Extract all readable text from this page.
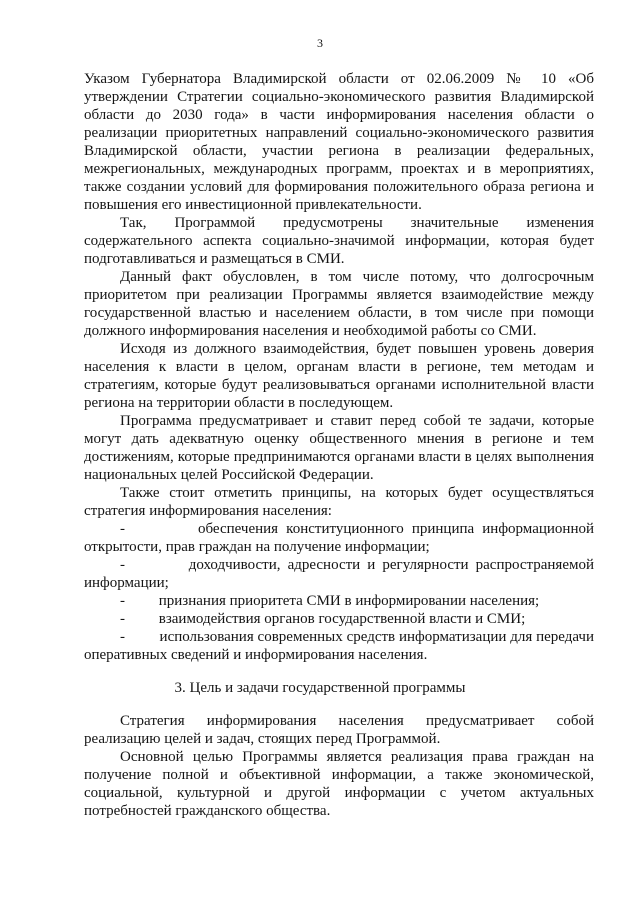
3

Указом Губернатора Владимирской области от 02.06.2009 № 10 «Об утверждении Стратегии социально-экономического развития Владимирской области до 2030 года» в части информирования населения области о реализации приоритетных направлений социально-экономического развития Владимирской области, участии региона в реализации федеральных, межрегиональных, международных программ, проектах и в мероприятиях, также создании условий для формирования положительного образа региона и повышения его инвестиционной привлекательности.

Так, Программой предусмотрены значительные изменения содержательного аспекта социально-значимой информации, которая будет подготавливаться и размещаться в СМИ.

Данный факт обусловлен, в том числе потому, что долгосрочным приоритетом при реализации Программы является взаимодействие между государственной властью и населением области, в том числе при помощи должного информирования населения и необходимой работы со СМИ.

Исходя из должного взаимодействия, будет повышен уровень доверия населения к власти в целом, органам власти в регионе, тем методам и стратегиям, которые будут реализовываться органами исполнительной власти региона на территории области в последующем.

Программа предусматривает и ставит перед собой те задачи, которые могут дать адекватную оценку общественного мнения в регионе и тем достижениям, которые предпринимаются органами власти в целях выполнения национальных целей Российской Федерации.

Также стоит отметить принципы, на которых будет осуществляться стратегия информирования населения:

-	обеспечения конституционного принципа информационной открытости, прав граждан на получение информации;

-	доходчивости, адресности и регулярности распространяемой информации;

- признания приоритета СМИ в информировании населения;

- взаимодействия органов государственной власти и СМИ;

- использования современных средств информатизации для передачи оперативных сведений и информирования населения.

3. Цель и задачи государственной программы

Стратегия информирования населения предусматривает собой реализацию целей и задач, стоящих перед Программой.

Основной целью Программы является реализация права граждан на получение полной и объективной информации, а также экономической, социальной, культурной и другой информации с учетом актуальных потребностей гражданского общества.
